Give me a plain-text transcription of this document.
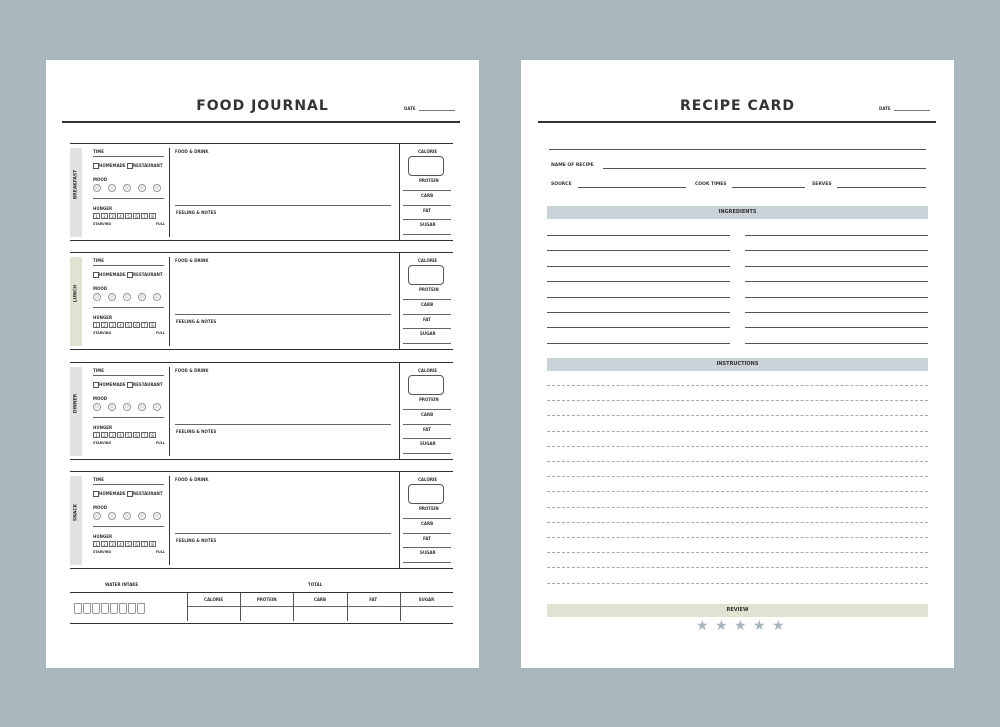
FOOD JOURNAL	DATE
BREAKFAST
TIME
HOMEMADE RESTAURANT
MOOD
☺	☺	☺	☺	☺
HUNGER
1	2	3	4	5	6	7	8
STARVING	FULL
FOOD & DRINK
FEELING & NOTES
CALORIE
PROTEIN
CARB
FAT
SUGAR
LUNCH
TIME
HOMEMADE RESTAURANT
MOOD
☺	☺	☺	☺	☺
HUNGER
1	2	3	4	5	6	7	8
STARVING	FULL
FOOD & DRINK
FEELING & NOTES
CALORIE
PROTEIN
CARB
FAT
SUGAR
DINNER
TIME
HOMEMADE RESTAURANT
MOOD
☺	☺	☺	☺	☺
HUNGER
1	2	3	4	5	6	7	8
STARVING	FULL
FOOD & DRINK
FEELING & NOTES
CALORIE
PROTEIN
CARB
FAT
SUGAR
SNACK
TIME
HOMEMADE RESTAURANT
MOOD
☺	☺	☺	☺	☺
HUNGER
1	2	3	4	5	6	7	8
STARVING	FULL
FOOD & DRINK
FEELING & NOTES
CALORIE
PROTEIN
CARB
FAT
SUGAR
WATER INTAKE	TOTAL
CALORIE	PROTEIN	CARB	FAT	SUGAR
RECIPE CARD	DATE
NAME OF RECIPE
SOURCE	COOK TIMES	SERVES
INGREDIENTS
INSTRUCTIONS
REVIEW
★ ★ ★ ★ ★
